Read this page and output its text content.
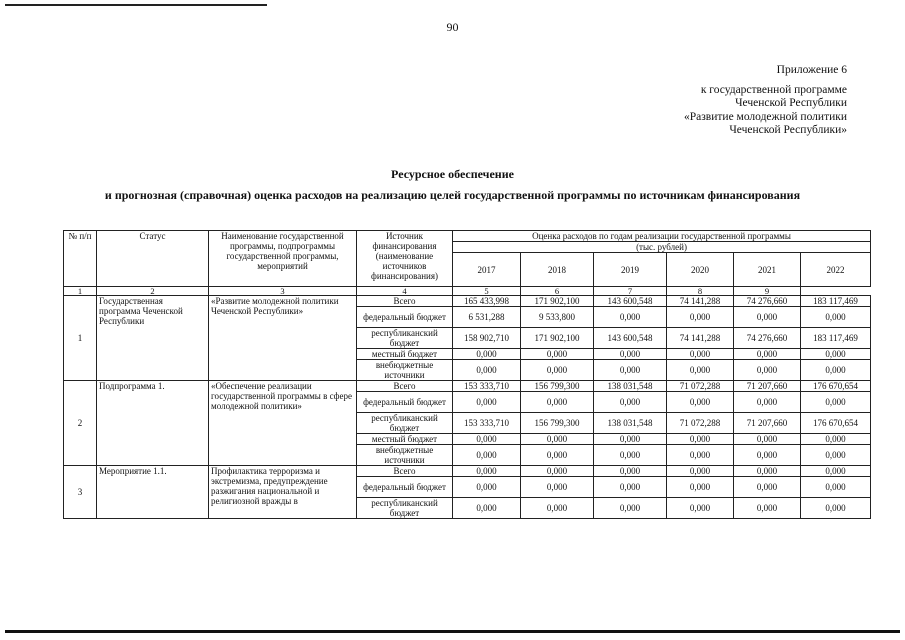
90
Приложение 6
к государственной программе
Чеченской Республики
«Развитие молодежной политики
Чеченской Республики»
Ресурсное обеспечение
и прогнозная (справочная) оценка расходов на реализацию целей государственной программы по источникам финансирования
№ п/п	Статус	Наименование государственной программы, подпрограммы государственной программы, мероприятий	Источник финансирования (наименование источников финансирования)	Оценка расходов по годам реализации государственной программы					
				(тыс. рублей)					
				2017	2018	2019	2020	2021	2022
1	2	3	4	5	6	7	8	9	
1	Государственная программа Чеченской Республики	«Развитие молодежной политики Чеченской Республики»	Всего	165 433,998	171 902,100	143 600,548	74 141,288	74 276,660	183 117,469
			федеральный бюджет	6 531,288	9 533,800	0,000	0,000	0,000	0,000
			республиканский бюджет	158 902,710	171 902,100	143 600,548	74 141,288	74 276,660	183 117,469
			местный бюджет	0,000	0,000	0,000	0,000	0,000	0,000
			внебюджетные источники	0,000	0,000	0,000	0,000	0,000	0,000
2	Подпрограмма 1.	«Обеспечение реализации государственной программы в сфере молодежной политики»	Всего	153 333,710	156 799,300	138 031,548	71 072,288	71 207,660	176 670,654
			федеральный бюджет	0,000	0,000	0,000	0,000	0,000	0,000
			республиканский бюджет	153 333,710	156 799,300	138 031,548	71 072,288	71 207,660	176 670,654
			местный бюджет	0,000	0,000	0,000	0,000	0,000	0,000
			внебюджетные источники	0,000	0,000	0,000	0,000	0,000	0,000
3	Мероприятие 1.1.	Профилактика терроризма и экстремизма, предупреждение разжигания национальной и религиозной вражды в	Всего	0,000	0,000	0,000	0,000	0,000	0,000
			федеральный бюджет	0,000	0,000	0,000	0,000	0,000	0,000
			республиканский бюджет	0,000	0,000	0,000	0,000	0,000	0,000
